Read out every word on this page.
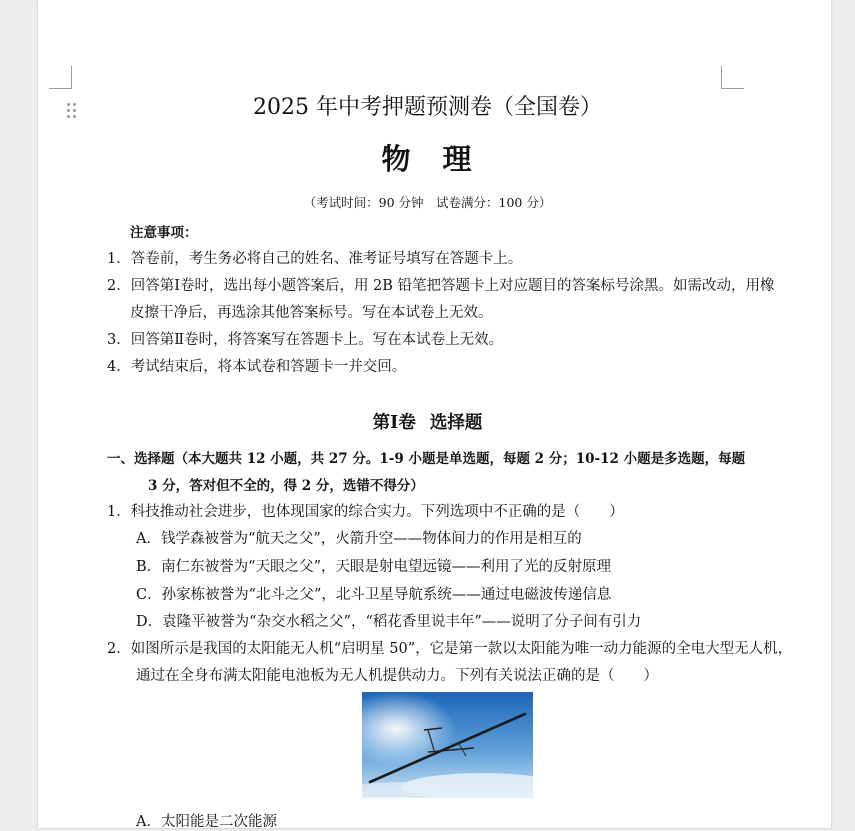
2025 年中考押题预测卷（全国卷）
物 理
（考试时间：90 分钟　试卷满分：100 分）
注意事项：
1．答卷前，考生务必将自己的姓名、准考证号填写在答题卡上。
2．回答第Ⅰ卷时，选出每小题答案后，用 2B 铅笔把答题卡上对应题目的答案标号涂黑。如需改动，用橡
皮擦干净后，再选涂其他答案标号。写在本试卷上无效。
3．回答第Ⅱ卷时，将答案写在答题卡上。写在本试卷上无效。
4．考试结束后，将本试卷和答题卡一并交回。
第Ⅰ卷 选择题
一、选择题（本大题共 12 小题，共 27 分。1-9 小题是单选题，每题 2 分；10-12 小题是多选题，每题
3 分，答对但不全的，得 2 分，选错不得分）
1．科技推动社会进步，也体现国家的综合实力。下列选项中不正确的是（　　）
A．钱学森被誉为“航天之父”，火箭升空——物体间力的作用是相互的
B．南仁东被誉为“天眼之父”，天眼是射电望远镜——利用了光的反射原理
C．孙家栋被誉为“北斗之父”，北斗卫星导航系统——通过电磁波传递信息
D．袁隆平被誉为“杂交水稻之父”，“稻花香里说丰年”——说明了分子间有引力
2．如图所示是我国的太阳能无人机“启明星 50”，它是第一款以太阳能为唯一动力能源的全电大型无人机，
通过在全身布满太阳能电池板为无人机提供动力。下列有关说法正确的是（　　）
A．太阳能是二次能源
